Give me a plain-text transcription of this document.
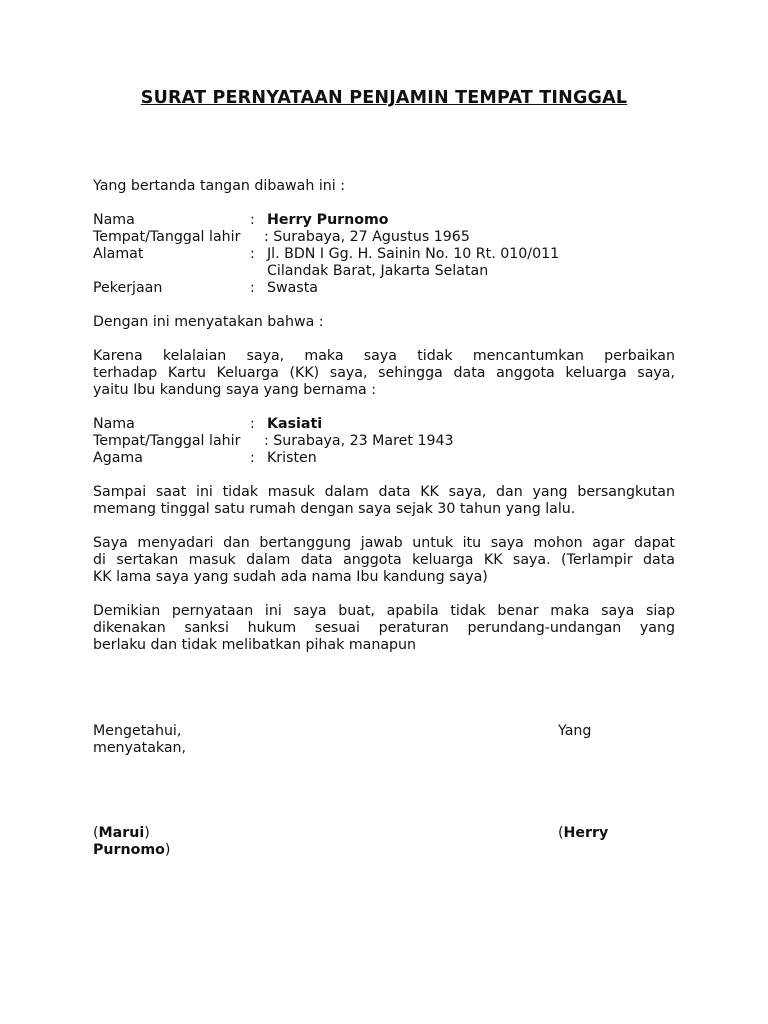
SURAT PERNYATAAN PENJAMIN TEMPAT TINGGAL
Yang bertanda tangan dibawah ini :
Nama	: Herry Purnomo
Tempat/Tanggal lahir : Surabaya, 27 Agustus 1965
Alamat	: Jl. BDN I Gg. H. Sainin No. 10 Rt. 010/011
Cilandak Barat, Jakarta Selatan
Pekerjaan	: Swasta
Dengan ini menyatakan bahwa :
Karena kelalaian saya, maka saya tidak mencantumkan perbaikan
terhadap Kartu Keluarga (KK) saya, sehingga data anggota keluarga saya,
yaitu Ibu kandung saya yang bernama :
Nama	: Kasiati
Tempat/Tanggal lahir : Surabaya, 23 Maret 1943
Agama	: Kristen
Sampai saat ini tidak masuk dalam data KK saya, dan yang bersangkutan
memang tinggal satu rumah dengan saya sejak 30 tahun yang lalu.
Saya menyadari dan bertanggung jawab untuk itu saya mohon agar dapat
di sertakan masuk dalam data anggota keluarga KK saya. (Terlampir data
KK lama saya yang sudah ada nama Ibu kandung saya)
Demikian pernyataan ini saya buat, apabila tidak benar maka saya siap
dikenakan sanksi hukum sesuai peraturan perundang-undangan yang
berlaku dan tidak melibatkan pihak manapun
Mengetahui,	Yang
menyatakan,
(Marui)	(Herry
Purnomo)
